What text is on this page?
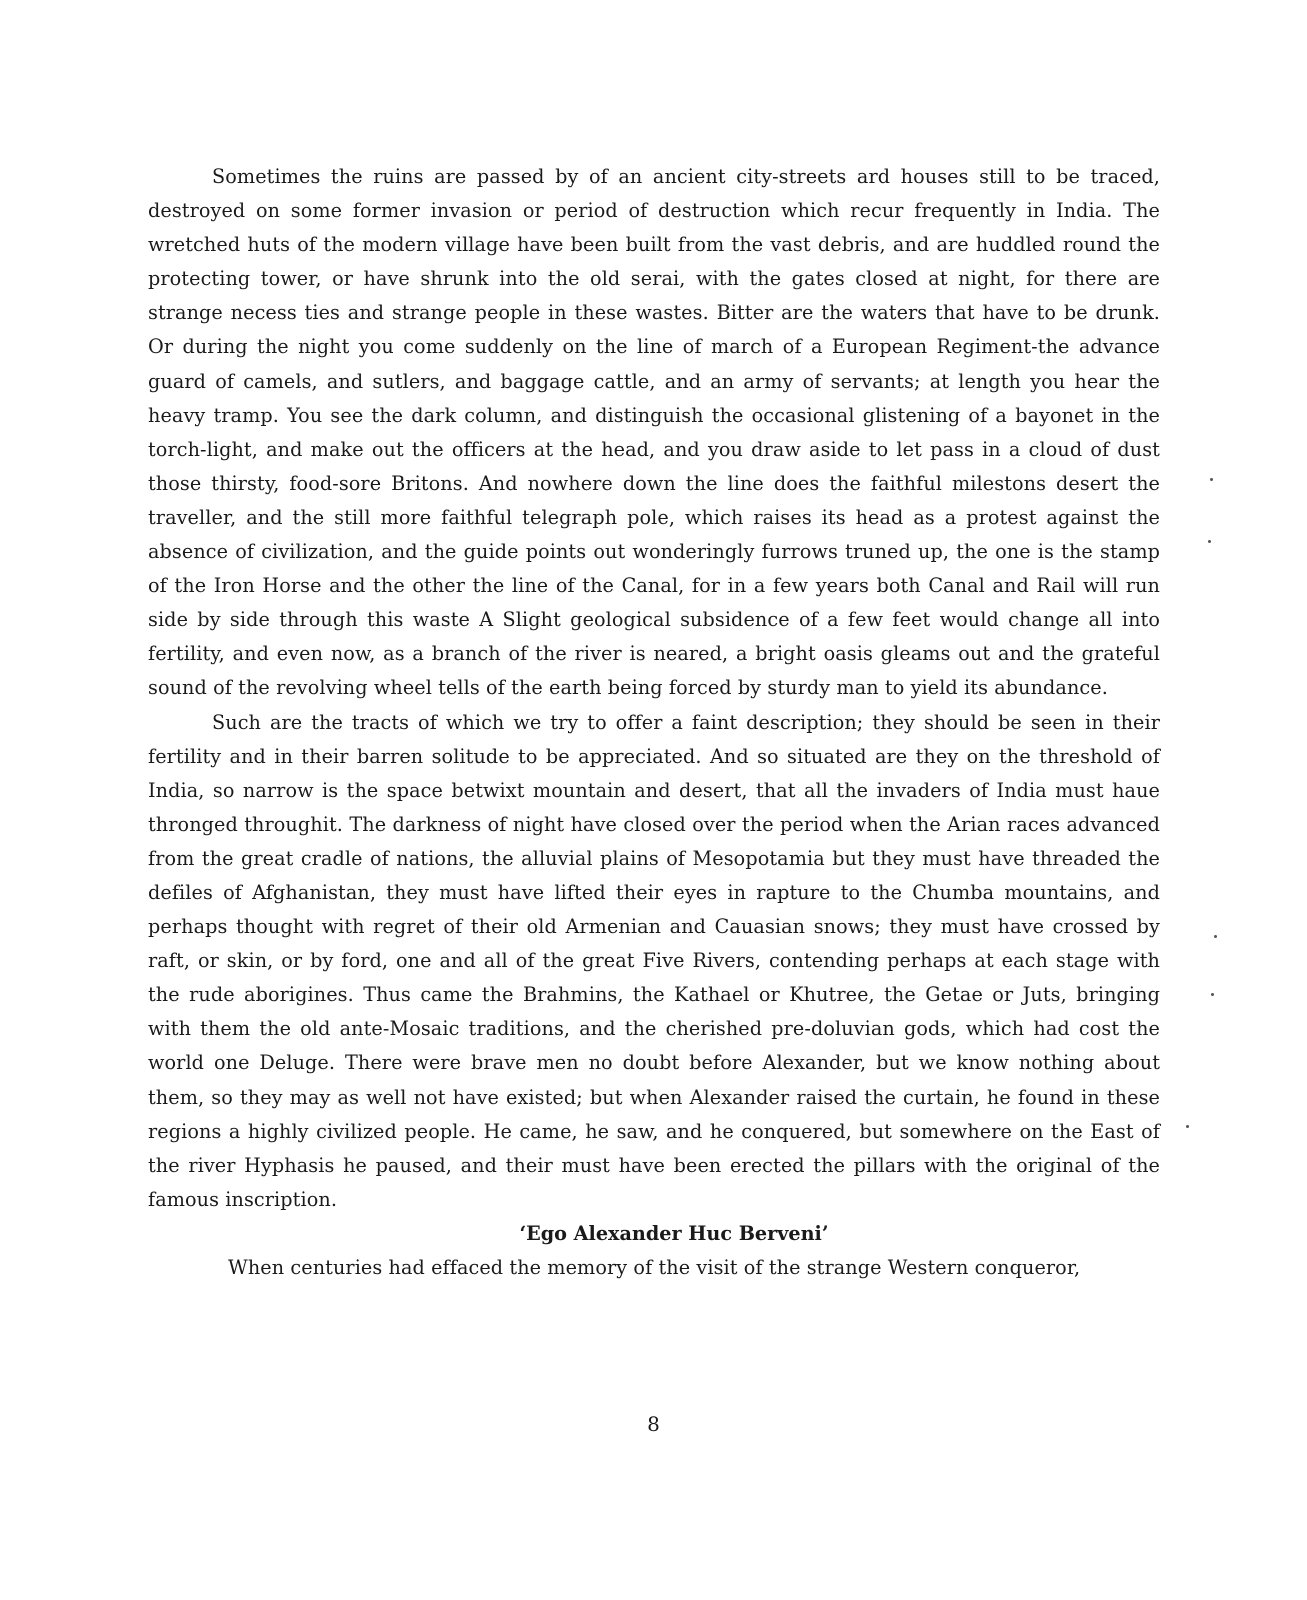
Sometimes the ruins are passed by of an ancient city-streets ard houses still to be traced, destroyed on some former invasion or period of destruction which recur frequently in India. The wretched huts of the modern village have been built from the vast debris, and are huddled round the protecting tower, or have shrunk into the old serai, with the gates closed at night, for there are strange necess ties and strange people in these wastes. Bitter are the waters that have to be drunk. Or during the night you come suddenly on the line of march of a European Regiment-the advance guard of camels, and sutlers, and baggage cattle, and an army of servants; at length you hear the heavy tramp. You see the dark column, and distinguish the occasional glistening of a bayonet in the torch-light, and make out the officers at the head, and you draw aside to let pass in a cloud of dust those thirsty, food-sore Britons. And nowhere down the line does the faithful milestons desert the traveller, and the still more faithful telegraph pole, which raises its head as a protest against the absence of civilization, and the guide points out wonderingly furrows truned up, the one is the stamp of the Iron Horse and the other the line of the Canal, for in a few years both Canal and Rail will run side by side through this waste A Slight geological subsidence of a few feet would change all into fertility, and even now, as a branch of the river is neared, a bright oasis gleams out and the grateful sound of the revolving wheel tells of the earth being forced by sturdy man to yield its abundance.

Such are the tracts of which we try to offer a faint description; they should be seen in their fertility and in their barren solitude to be appreciated. And so situated are they on the threshold of India, so narrow is the space betwixt mountain and desert, that all the invaders of India must haue thronged throughit. The darkness of night have closed over the period when the Arian races advanced from the great cradle of nations, the alluvial plains of Mesopotamia but they must have threaded the defiles of Afghanistan, they must have lifted their eyes in rapture to the Chumba mountains, and perhaps thought with regret of their old Armenian and Cauasian snows; they must have crossed by raft, or skin, or by ford, one and all of the great Five Rivers, contending perhaps at each stage with the rude aborigines. Thus came the Brahmins, the Kathael or Khutree, the Getae or Juts, bringing with them the old ante-Mosaic traditions, and the cherished pre-doluvian gods, which had cost the world one Deluge. There were brave men no doubt before Alexander, but we know nothing about them, so they may as well not have existed; but when Alexander raised the curtain, he found in these regions a highly civilized people. He came, he saw, and he conquered, but somewhere on the East of the river Hyphasis he paused, and their must have been erected the pillars with the original of the famous inscription.

‘Ego Alexander Huc Berveni’

When centuries had effaced the memory of the visit of the strange Western conqueror,

8
